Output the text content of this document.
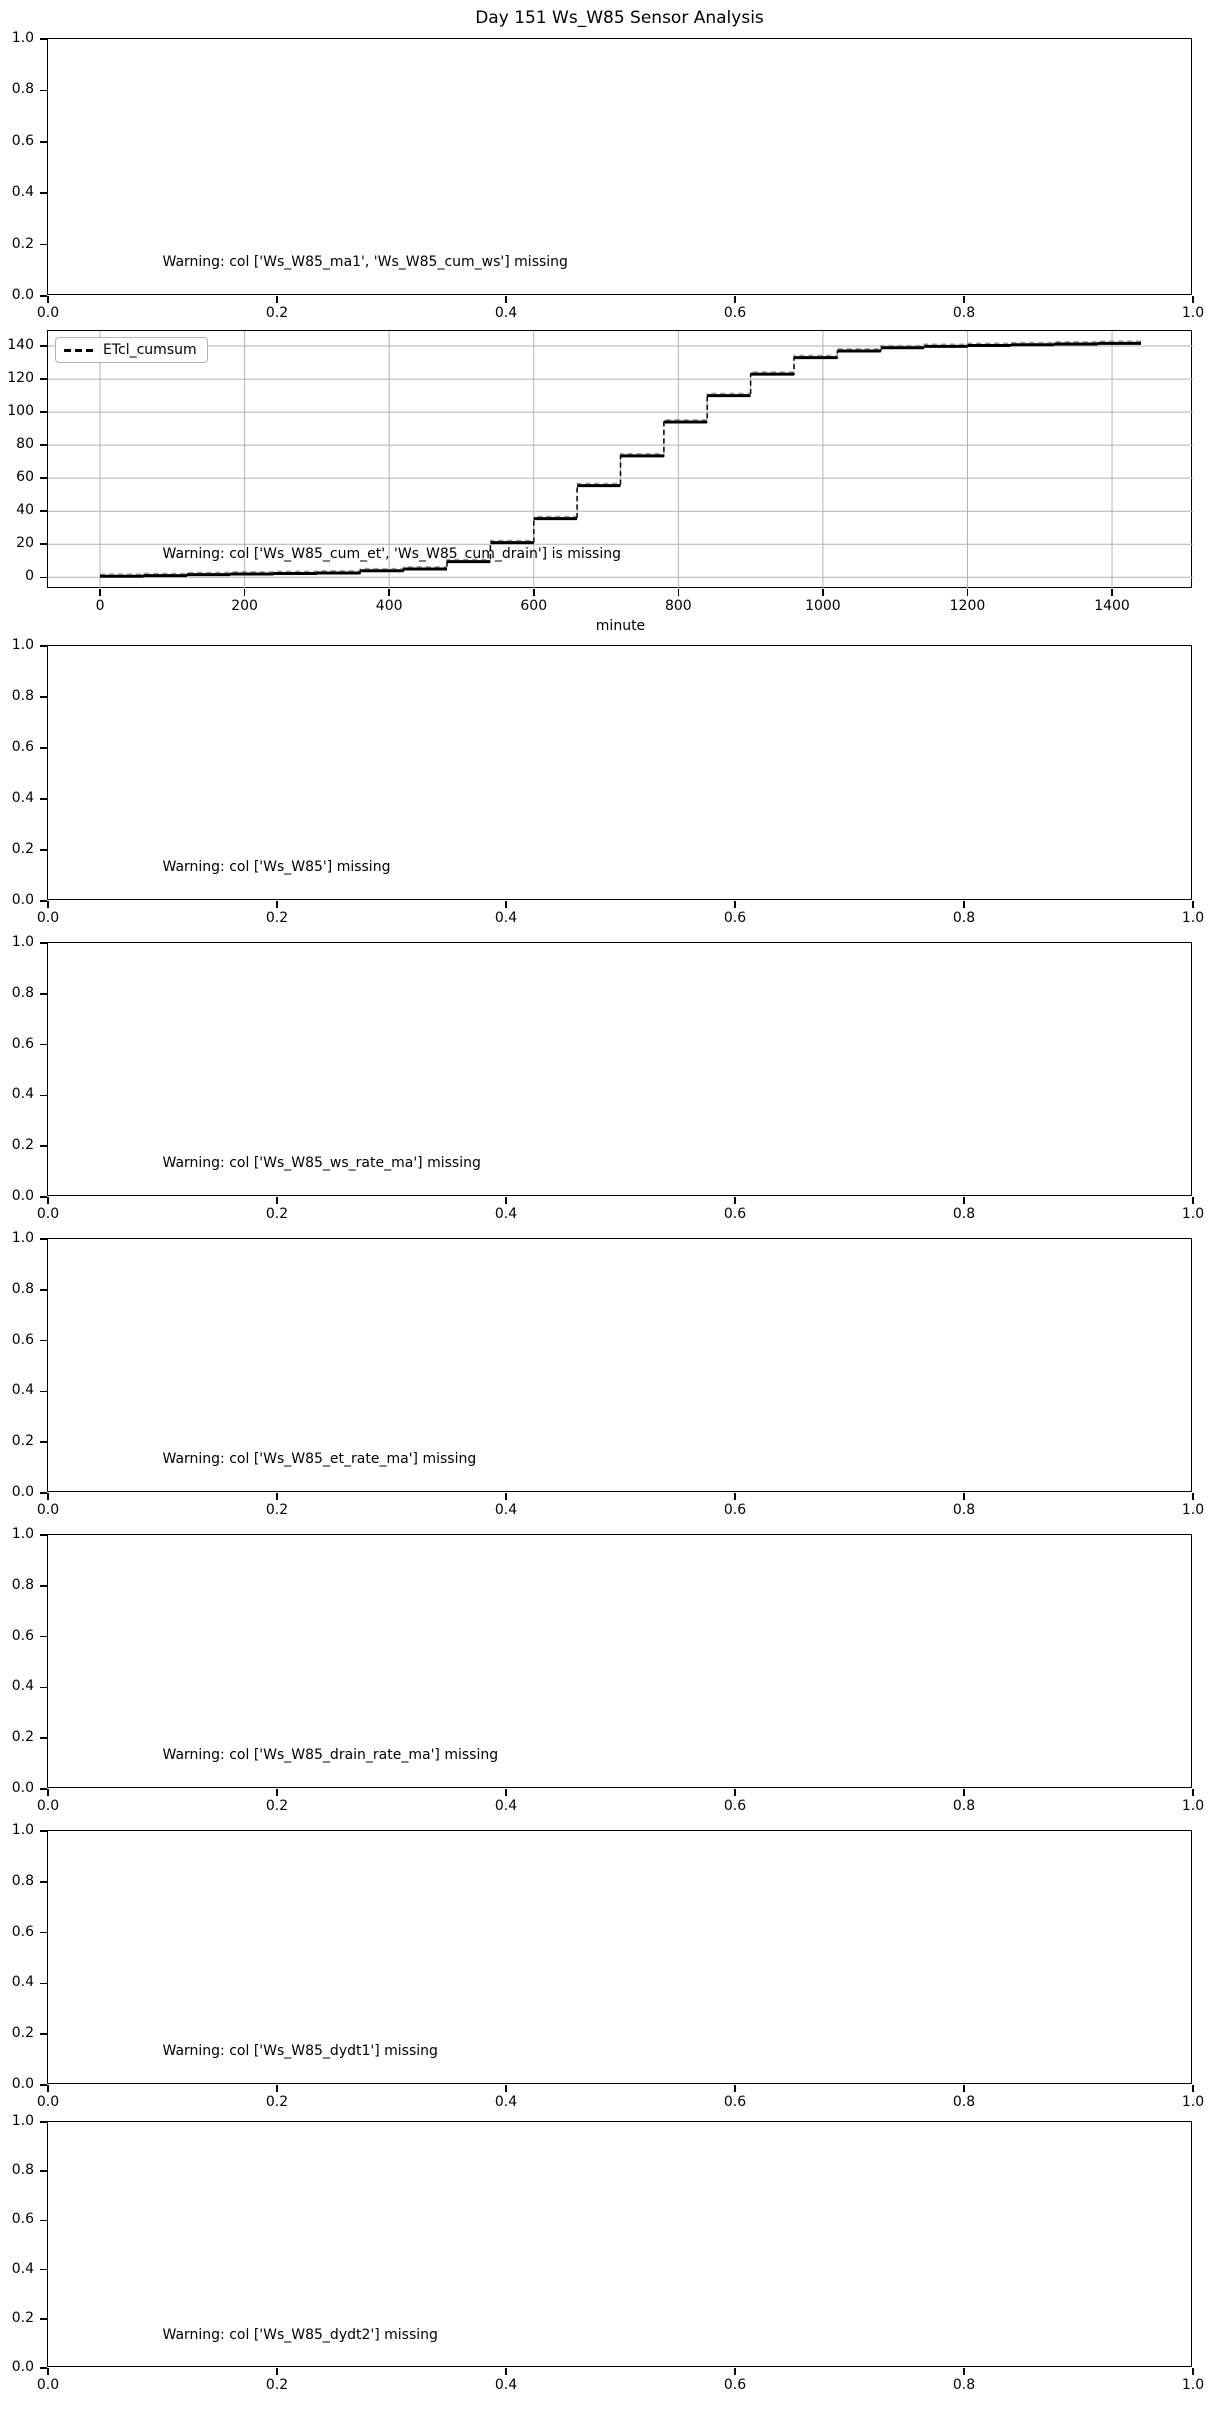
Day 151 Ws_W85 Sensor Analysis
0.0
0.2
0.4
0.6
0.8
1.0
0.0	0.2	0.4	0.6	0.8	1.0
Warning: col ['Ws_W85_ma1', 'Ws_W85_cum_ws'] missing
0
20
40
60
80
100
120
140
0	200	400	600	800	1000	1200	1400
Warning: col ['Ws_W85_cum_et', 'Ws_W85_cum_drain'] is missing
minute
ETcl_cumsum
0.0
0.2
0.4
0.6
0.8
1.0
0.0	0.2	0.4	0.6	0.8	1.0
Warning: col ['Ws_W85'] missing
0.0
0.2
0.4
0.6
0.8
1.0
0.0	0.2	0.4	0.6	0.8	1.0
Warning: col ['Ws_W85_ws_rate_ma'] missing
0.0
0.2
0.4
0.6
0.8
1.0
0.0	0.2	0.4	0.6	0.8	1.0
Warning: col ['Ws_W85_et_rate_ma'] missing
0.0
0.2
0.4
0.6
0.8
1.0
0.0	0.2	0.4	0.6	0.8	1.0
Warning: col ['Ws_W85_drain_rate_ma'] missing
0.0
0.2
0.4
0.6
0.8
1.0
0.0	0.2	0.4	0.6	0.8	1.0
Warning: col ['Ws_W85_dydt1'] missing
0.0
0.2
0.4
0.6
0.8
1.0
0.0	0.2	0.4	0.6	0.8	1.0
Warning: col ['Ws_W85_dydt2'] missing
